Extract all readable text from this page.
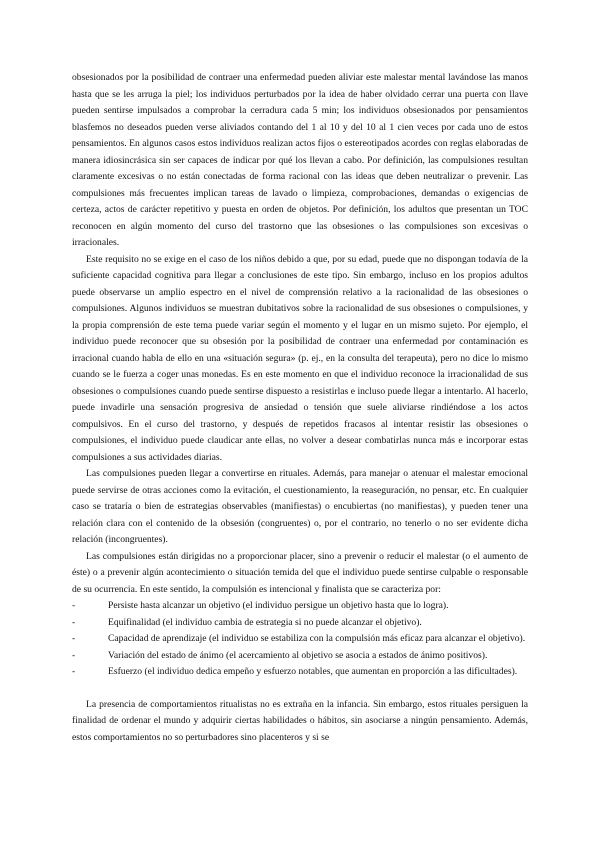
obsesionados por la posibilidad de contraer una enfermedad pueden aliviar este malestar mental lavándose las manos hasta que se les arruga la piel; los individuos perturbados por la idea de haber olvidado cerrar una puerta con llave pueden sentirse impulsados a comprobar la cerradura cada 5 min; los individuos obsesionados por pensamientos blasfemos no deseados pueden verse aliviados contando del 1 al 10 y del 10 al 1 cien veces por cada uno de estos pensamientos. En algunos casos estos individuos realizan actos fijos o estereotipados acordes con reglas elaboradas de manera idiosincrásica sin ser capaces de indicar por qué los llevan a cabo. Por definición, las compulsiones resultan claramente excesivas o no están conectadas de forma racional con las ideas que deben neutralizar o prevenir. Las compulsiones más frecuentes implican tareas de lavado o limpieza, comprobaciones, demandas o exigencias de certeza, actos de carácter repetitivo y puesta en orden de objetos. Por definición, los adultos que presentan un TOC reconocen en algún momento del curso del trastorno que las obsesiones o las compulsiones son excesivas o irracionales.

Este requisito no se exige en el caso de los niños debido a que, por su edad, puede que no dispongan todavía de la suficiente capacidad cognitiva para llegar a conclusiones de este tipo. Sin embargo, incluso en los propios adultos puede observarse un amplio espectro en el nivel de comprensión relativo a la racionalidad de las obsesiones o compulsiones. Algunos individuos se muestran dubitativos sobre la racionalidad de sus obsesiones o compulsiones, y la propia comprensión de este tema puede variar según el momento y el lugar en un mismo sujeto. Por ejemplo, el individuo puede reconocer que su obsesión por la posibilidad de contraer una enfermedad por contaminación es irracional cuando habla de ello en una «situación segura» (p. ej., en la consulta del terapeuta), pero no dice lo mismo cuando se le fuerza a coger unas monedas. Es en este momento en que el individuo reconoce la irracionalidad de sus obsesiones o compulsiones cuando puede sentirse dispuesto a resistirlas e incluso puede llegar a intentarlo. Al hacerlo, puede invadirle una sensación progresiva de ansiedad o tensión que suele aliviarse rindiéndose a los actos compulsivos. En el curso del trastorno, y después de repetidos fracasos al intentar resistir las obsesiones o compulsiones, el individuo puede claudicar ante ellas, no volver a desear combatirlas nunca más e incorporar estas compulsiones a sus actividades diarias.

Las compulsiones pueden llegar a convertirse en rituales. Además, para manejar o atenuar el malestar emocional puede servirse de otras acciones como la evitación, el cuestionamiento, la reaseguración, no pensar, etc. En cualquier caso se trataría o bien de estrategias observables (manifiestas) o encubiertas (no manifiestas), y pueden tener una relación clara con el contenido de la obsesión (congruentes) o, por el contrario, no tenerlo o no ser evidente dicha relación (incongruentes).

Las compulsiones están dirigidas no a proporcionar placer, sino a prevenir o reducir el malestar (o el aumento de éste) o a prevenir algún acontecimiento o situación temida del que el individuo puede sentirse culpable o responsable de su ocurrencia. En este sentido, la compulsión es intencional y finalista que se caracteriza por:

-	Persiste hasta alcanzar un objetivo (el individuo persigue un objetivo hasta que lo logra).

-	Equifinalidad (el individuo cambia de estrategia si no puede alcanzar el objetivo).

-	Capacidad de aprendizaje (el individuo se estabiliza con la compulsión más eficaz para alcanzar el objetivo).

-	Variación del estado de ánimo (el acercamiento al objetivo se asocia a estados de ánimo positivos).

-	Esfuerzo (el individuo dedica empeño y esfuerzo notables, que aumentan en proporción a las dificultades).

La presencia de comportamientos ritualistas no es extraña en la infancia. Sin embargo, estos rituales persiguen la finalidad de ordenar el mundo y adquirir ciertas habilidades o hábitos, sin asociarse a ningún pensamiento. Además, estos comportamientos no so perturbadores sino placenteros y si se
